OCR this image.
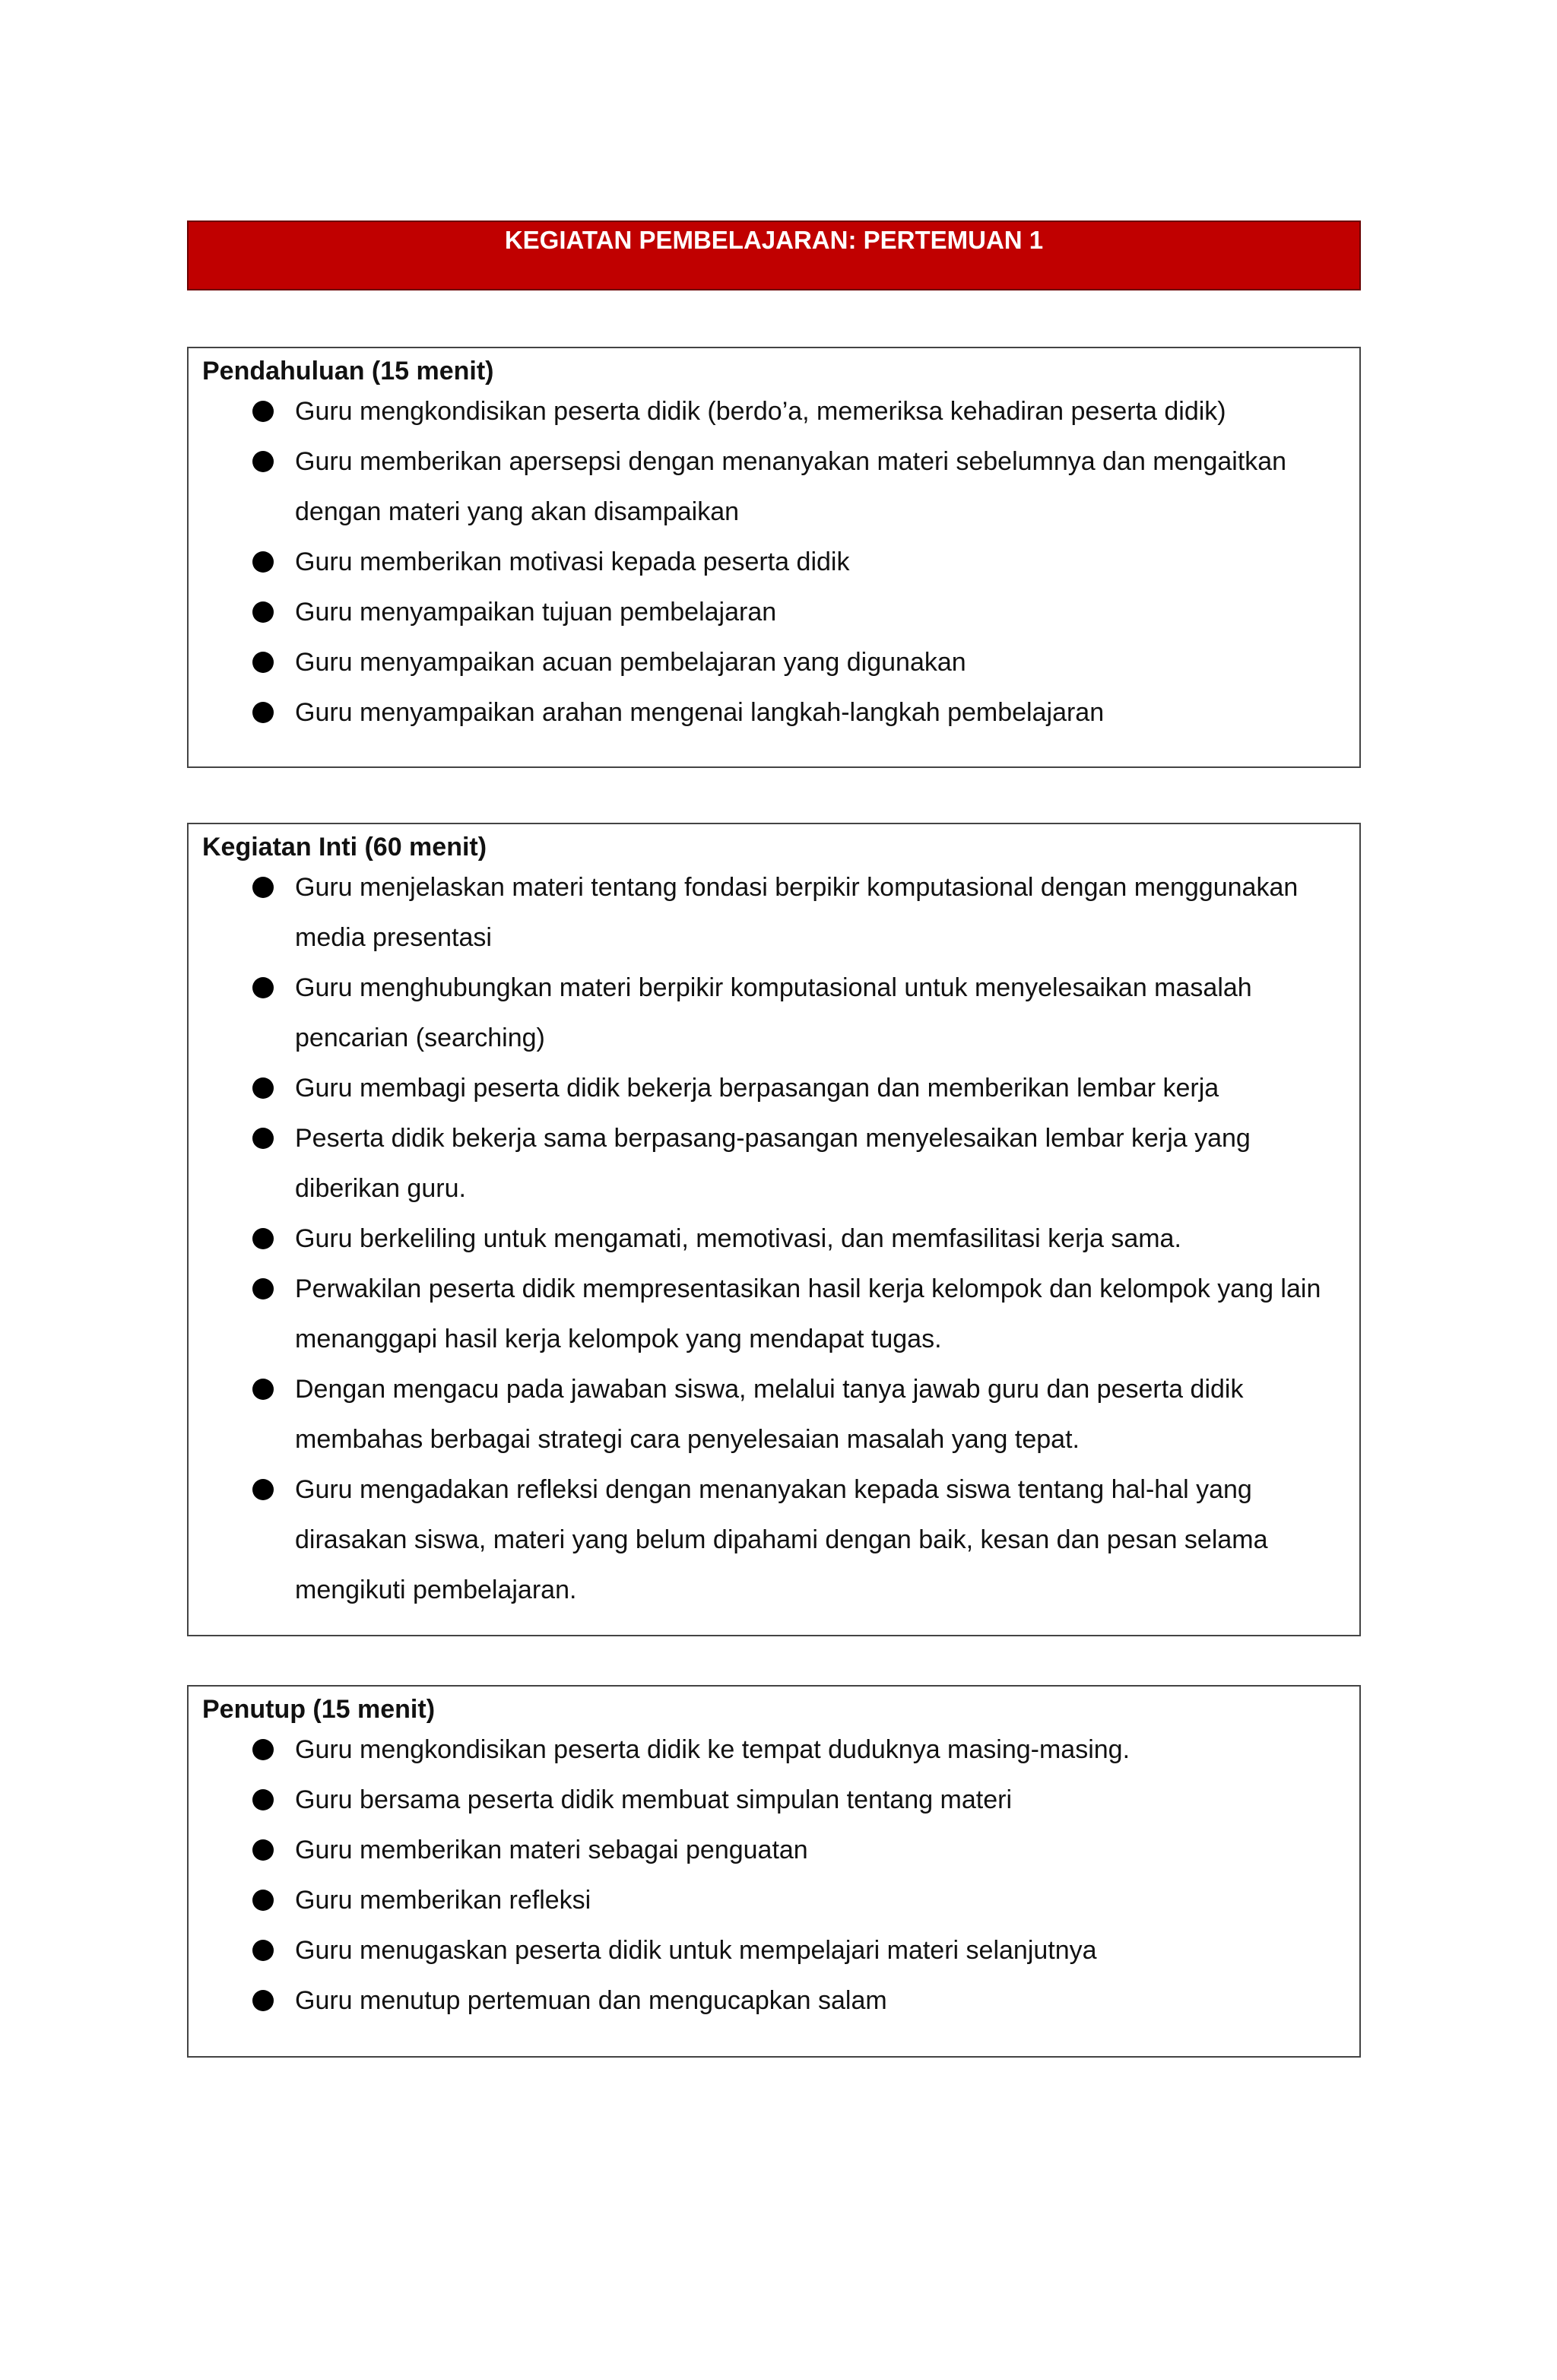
KEGIATAN PEMBELAJARAN: PERTEMUAN 1
Pendahuluan (15 menit)
Guru mengkondisikan peserta didik (berdo’a, memeriksa kehadiran peserta didik)
Guru memberikan apersepsi dengan menanyakan materi sebelumnya dan mengaitkan dengan materi yang akan disampaikan
Guru memberikan motivasi kepada peserta didik
Guru menyampaikan tujuan pembelajaran
Guru menyampaikan acuan pembelajaran yang digunakan
Guru menyampaikan arahan mengenai langkah-langkah pembelajaran
Kegiatan Inti (60 menit)
Guru menjelaskan materi tentang fondasi berpikir komputasional dengan menggunakan media presentasi
Guru menghubungkan materi berpikir komputasional untuk menyelesaikan masalah pencarian (searching)
Guru membagi peserta didik bekerja berpasangan dan memberikan lembar kerja
Peserta didik bekerja sama berpasang-pasangan menyelesaikan lembar kerja yang diberikan guru.
Guru berkeliling untuk mengamati, memotivasi, dan memfasilitasi kerja sama.
Perwakilan peserta didik mempresentasikan hasil kerja kelompok dan kelompok yang lain menanggapi hasil kerja kelompok yang mendapat tugas.
Dengan mengacu pada jawaban siswa, melalui tanya jawab guru dan peserta didik membahas berbagai strategi cara penyelesaian masalah yang tepat.
Guru mengadakan refleksi dengan menanyakan kepada siswa tentang hal-hal yang dirasakan siswa, materi yang belum dipahami dengan baik, kesan dan pesan selama mengikuti pembelajaran.
Penutup (15 menit)
Guru mengkondisikan peserta didik ke tempat duduknya masing-masing.
Guru bersama peserta didik membuat simpulan tentang materi
Guru memberikan materi sebagai penguatan
Guru memberikan refleksi
Guru menugaskan peserta didik untuk mempelajari materi selanjutnya
Guru menutup pertemuan dan mengucapkan salam
